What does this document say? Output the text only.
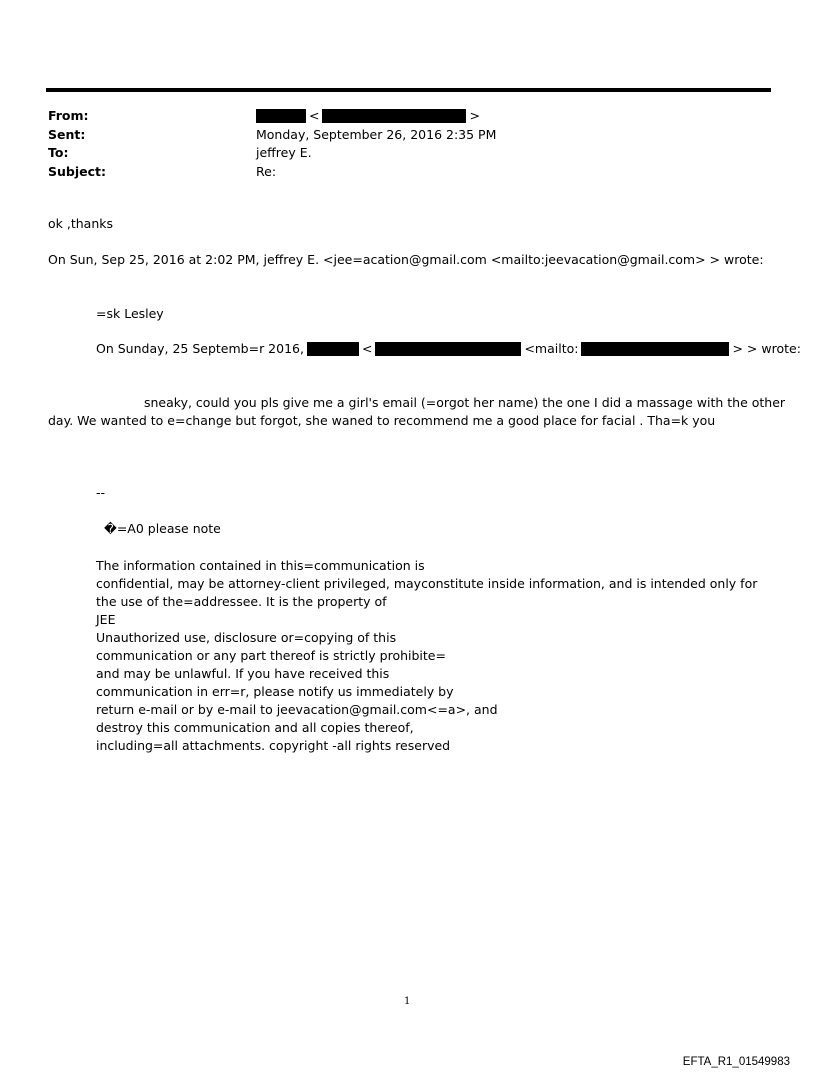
From:	<	>
Sent:	Monday, September 26, 2016 2:35 PM
To:	jeffrey E.
Subject:	Re:
ok ,thanks
On Sun, Sep 25, 2016 at 2:02 PM, jeffrey E. <jee=acation@gmail.com <mailto:jeevacation@gmail.com> > wrote:
=sk Lesley
On Sunday, 25 Septemb=r 2016,	<	<mailto:	> > wrote:
sneaky, could you pls give me a girl's email (=orgot her name) the one I did a massage with the other
day. We wanted to e=change but forgot, she waned to recommend me a good place for facial . Tha=k you
--
�=A0 please note
The information contained in this=communication is
confidential, may be attorney-client privileged, mayconstitute inside information, and is intended only for
the use of the=addressee. It is the property of
JEE
Unauthorized use, disclosure or=copying of this
communication or any part thereof is strictly prohibite=
and may be unlawful. If you have received this
communication in err=r, please notify us immediately by
return e-mail or by e-mail to jeevacation@gmail.com<=a>, and
destroy this communication and all copies thereof,
including=all attachments. copyright -all rights reserved
1
EFTA_R1_01549983
